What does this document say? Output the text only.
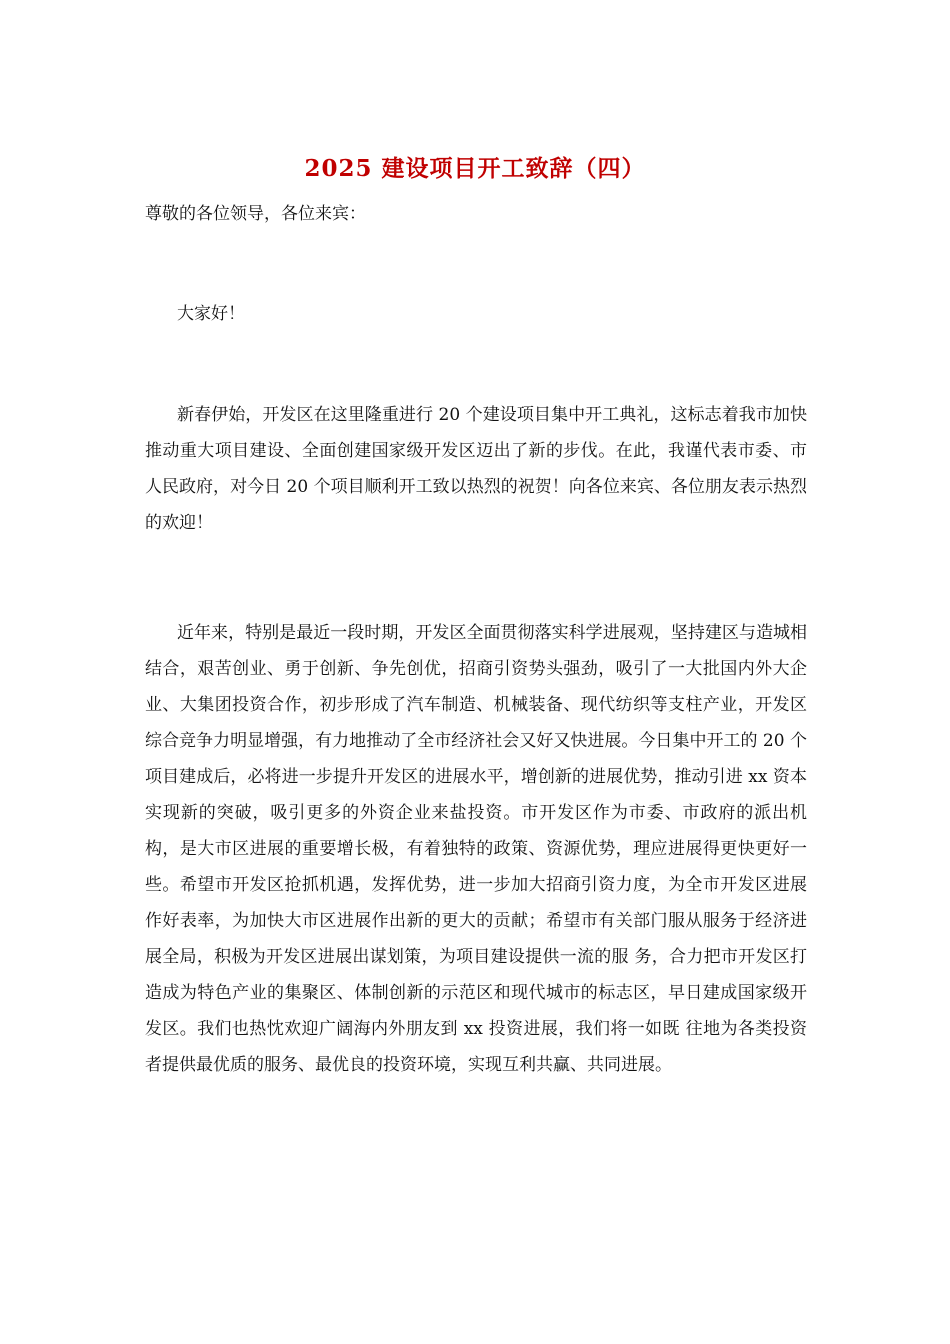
2025 建设项目开工致辞（四）
尊敬的各位领导，各位来宾：
大家好！
新春伊始，开发区在这里隆重进行 20 个建设项目集中开工典礼，这标志着我市加快推动重大项目建设、全面创建国家级开发区迈出了新的步伐。在此，我谨代表市委、市人民政府，对今日 20 个项目顺利开工致以热烈的祝贺！向各位来宾、各位朋友表示热烈的欢迎！
近年来，特别是最近一段时期，开发区全面贯彻落实科学进展观，坚持建区与造城相结合，艰苦创业、勇于创新、争先创优，招商引资势头强劲，吸引了一大批国内外大企业、大集团投资合作，初步形成了汽车制造、机械装备、现代纺织等支柱产业，开发区综合竞争力明显增强，有力地推动了全市经济社会又好又快进展。今日集中开工的 20 个项目建成后，必将进一步提升开发区的进展水平，增创新的进展优势，推动引进 xx 资本实现新的突破，吸引更多的外资企业来盐投资。市开发区作为市委、市政府的派出机构，是大市区进展的重要增长极，有着独特的政策、资源优势，理应进展得更快更好一些。希望市开发区抢抓机遇，发挥优势，进一步加大招商引资力度，为全市开发区进展作好表率，为加快大市区进展作出新的更大的贡献；希望市有关部门服从服务于经济进展全局，积极为开发区进展出谋划策，为项目建设提供一流的服 务，合力把市开发区打造成为特色产业的集聚区、体制创新的示范区和现代城市的标志区，早日建成国家级开发区。我们也热忱欢迎广阔海内外朋友到 xx 投资进展，我们将一如既 往地为各类投资者提供最优质的服务、最优良的投资环境，实现互利共赢、共同进展。
